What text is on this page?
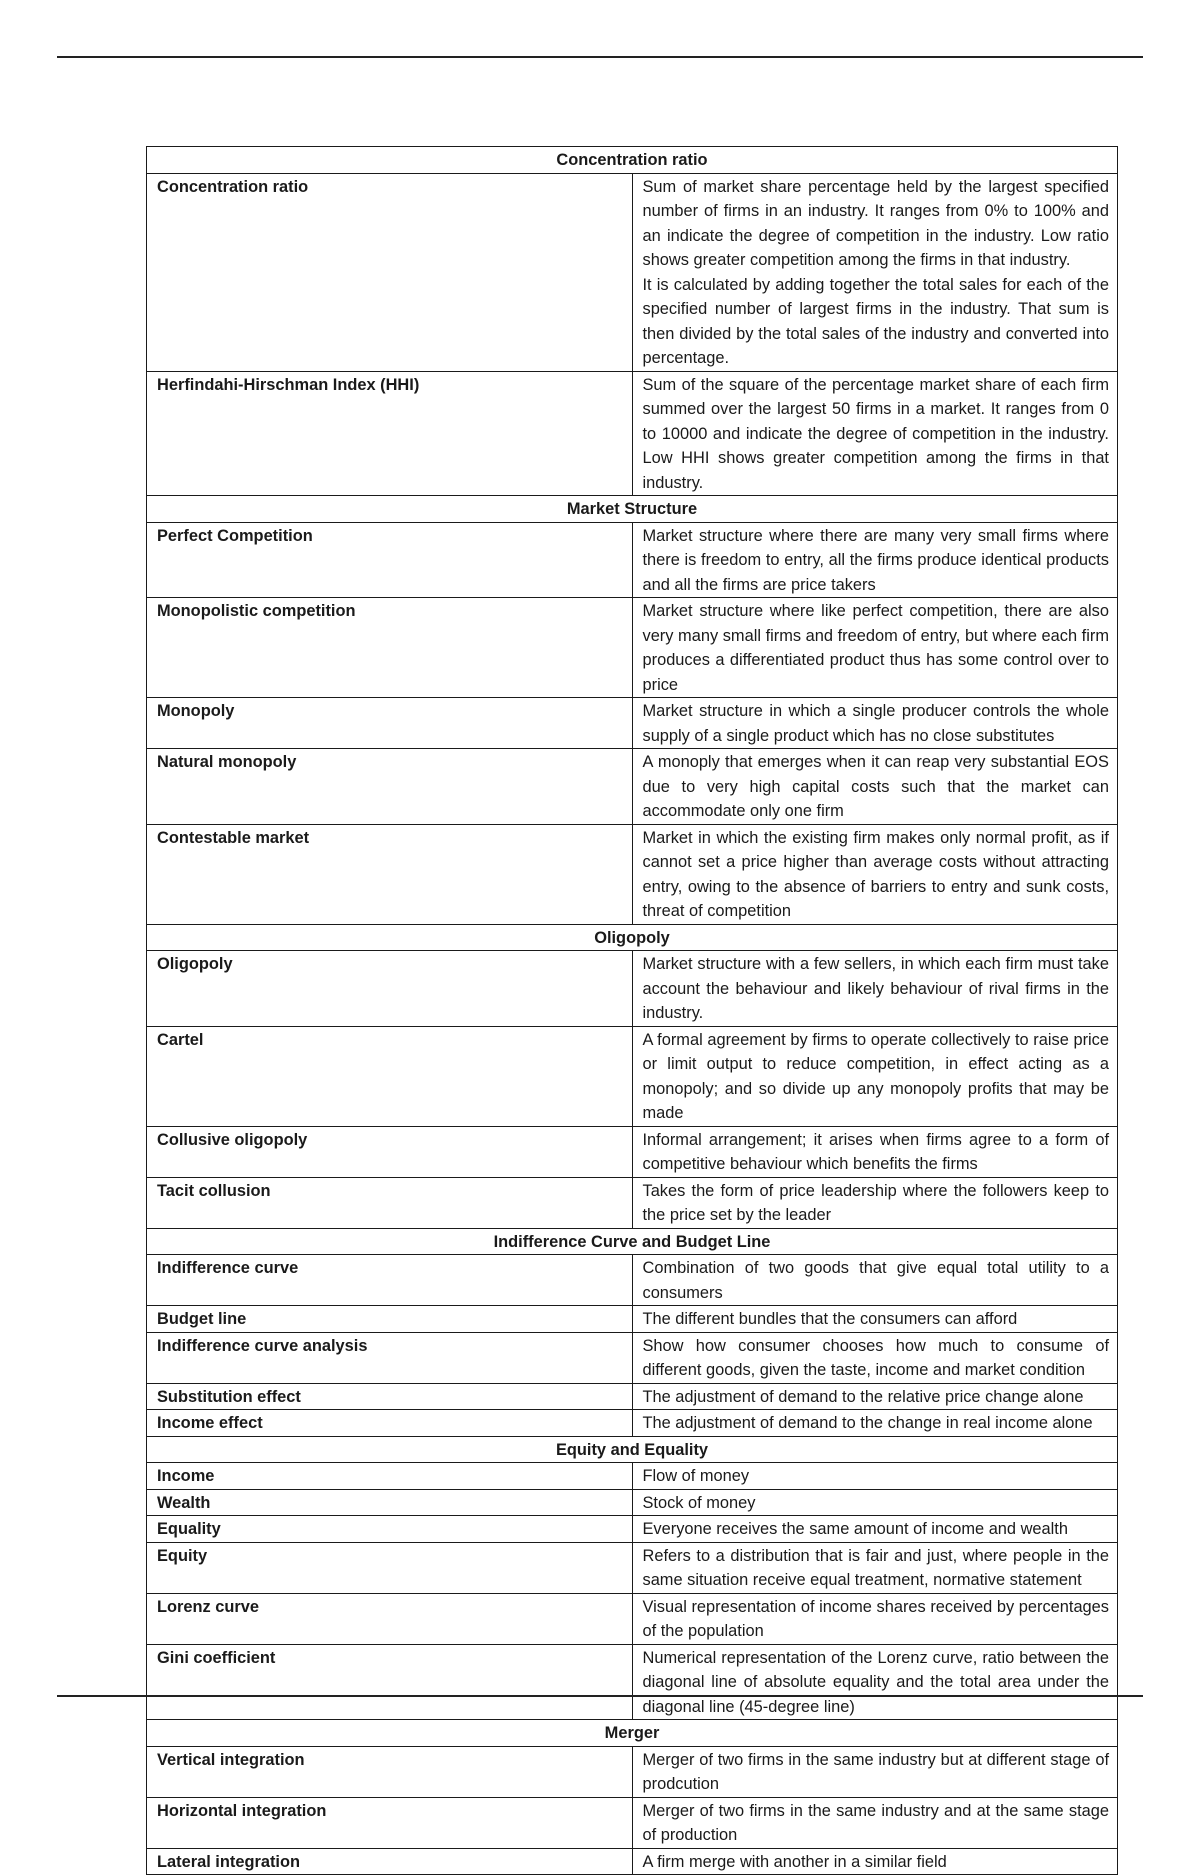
Concentration ratio	
Concentration ratio	Sum of market share percentage held by the largest specified number of firms in an industry. It ranges from 0% to 100% and an indicate the degree of competition in the industry. Low ratio shows greater competition among the firms in that industry.
It is calculated by adding together the total sales for each of the specified number of largest firms in the industry. That sum is then divided by the total sales of the industry and converted into percentage.

Herfindahi-Hirschman Index (HHI)	Sum of the square of the percentage market share of each firm summed over the largest 50 firms in a market. It ranges from 0 to 10000 and indicate the degree of competition in the industry. Low HHI shows greater competition among the firms in that industry.

Market Structure	
Perfect Competition	Market structure where there are many very small firms where there is freedom to entry, all the firms produce identical products and all the firms are price takers

Monopolistic competition	Market structure where like perfect competition, there are also very many small firms and freedom of entry, but where each firm produces a differentiated product thus has some control over to price

Monopoly	Market structure in which a single producer controls the whole supply of a single product which has no close substitutes

Natural monopoly	A monoply that emerges when it can reap very substantial EOS due to very high capital costs such that the market can accommodate only one firm

Contestable market	Market in which the existing firm makes only normal profit, as if cannot set a price higher than average costs without attracting entry, owing to the absence of barriers to entry and sunk costs, threat of competition

Oligopoly	
Oligopoly	Market structure with a few sellers, in which each firm must take account the behaviour and likely behaviour of rival firms in the industry.

Cartel	A formal agreement by firms to operate collectively to raise price or limit output to reduce competition, in effect acting as a monopoly; and so divide up any monopoly profits that may be made

Collusive oligopoly	Informal arrangement; it arises when firms agree to a form of competitive behaviour which benefits the firms

Tacit collusion	Takes the form of price leadership where the followers keep to the price set by the leader

Indifference Curve and Budget Line	
Indifference curve	Combination of two goods that give equal total utility to a consumers

Budget line	The different bundles that the consumers can afford

Indifference curve analysis	Show how consumer chooses how much to consume of different goods, given the taste, income and market condition

Substitution effect	The adjustment of demand to the relative price change alone

Income effect	The adjustment of demand to the change in real income alone

Equity and Equality	
Income	Flow of money

Wealth	Stock of money

Equality	Everyone receives the same amount of income and wealth

Equity	Refers to a distribution that is fair and just, where people in the same situation receive equal treatment, normative statement

Lorenz curve	Visual representation of income shares received by percentages of the population

Gini coefficient	Numerical representation of the Lorenz curve, ratio between the diagonal line of absolute equality and the total area under the diagonal line (45-degree line)

Merger	
Vertical integration	Merger of two firms in the same industry but at different stage of prodcution

Horizontal integration	Merger of two firms in the same industry and at the same stage of production

Lateral integration	A firm merge with another in a similar field
